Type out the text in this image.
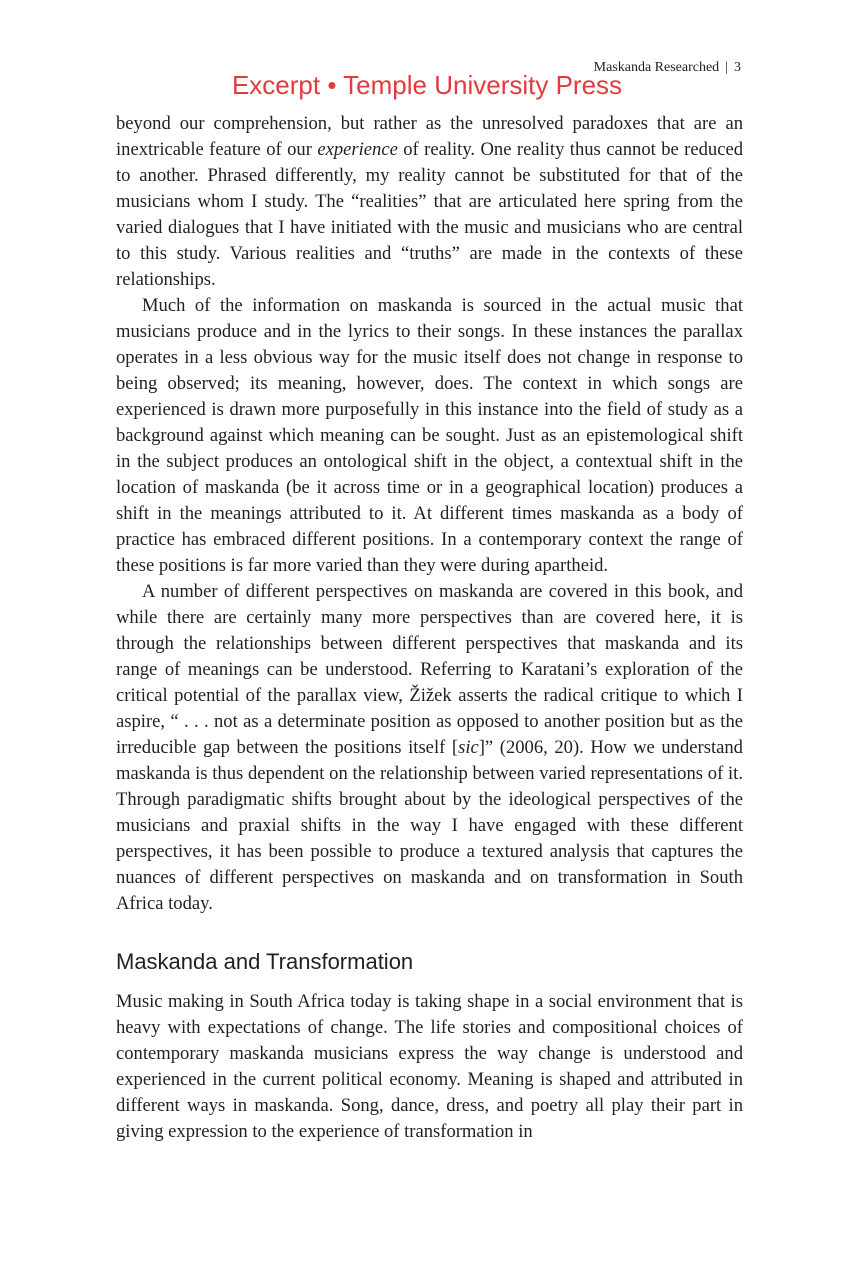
Maskanda Researched | 3
Excerpt • Temple University Press

beyond our comprehension, but rather as the unresolved paradoxes that are an inextricable feature of our experience of reality. One reality thus cannot be reduced to another. Phrased differently, my reality cannot be substituted for that of the musicians whom I study. The “realities” that are articulated here spring from the varied dialogues that I have initiated with the music and musicians who are central to this study. Various realities and “truths” are made in the contexts of these relationships.

Much of the information on maskanda is sourced in the actual music that musicians produce and in the lyrics to their songs. In these instances the parallax operates in a less obvious way for the music itself does not change in response to being observed; its meaning, however, does. The context in which songs are experienced is drawn more purposefully in this instance into the field of study as a background against which meaning can be sought. Just as an epistemological shift in the subject produces an ontological shift in the object, a contextual shift in the location of maskanda (be it across time or in a geographical location) produces a shift in the meanings attributed to it. At different times maskanda as a body of practice has embraced different positions. In a contemporary context the range of these positions is far more varied than they were during apartheid.

A number of different perspectives on maskanda are covered in this book, and while there are certainly many more perspectives than are covered here, it is through the relationships between different perspectives that maskanda and its range of meanings can be understood. Referring to Karatani’s exploration of the critical potential of the parallax view, Žižek asserts the radical critique to which I aspire, “ . . . not as a determinate position as opposed to another position but as the irreducible gap between the positions itself [sic]” (2006, 20). How we understand maskanda is thus dependent on the relationship between varied representations of it. Through paradigmatic shifts brought about by the ideological perspectives of the musicians and praxial shifts in the way I have engaged with these different perspectives, it has been possible to produce a textured analysis that captures the nuances of different perspectives on maskanda and on transformation in South Africa today.

Maskanda and Transformation

Music making in South Africa today is taking shape in a social environment that is heavy with expectations of change. The life stories and compositional choices of contemporary maskanda musicians express the way change is understood and experienced in the current political economy. Meaning is shaped and attributed in different ways in maskanda. Song, dance, dress, and poetry all play their part in giving expression to the experience of transformation in
